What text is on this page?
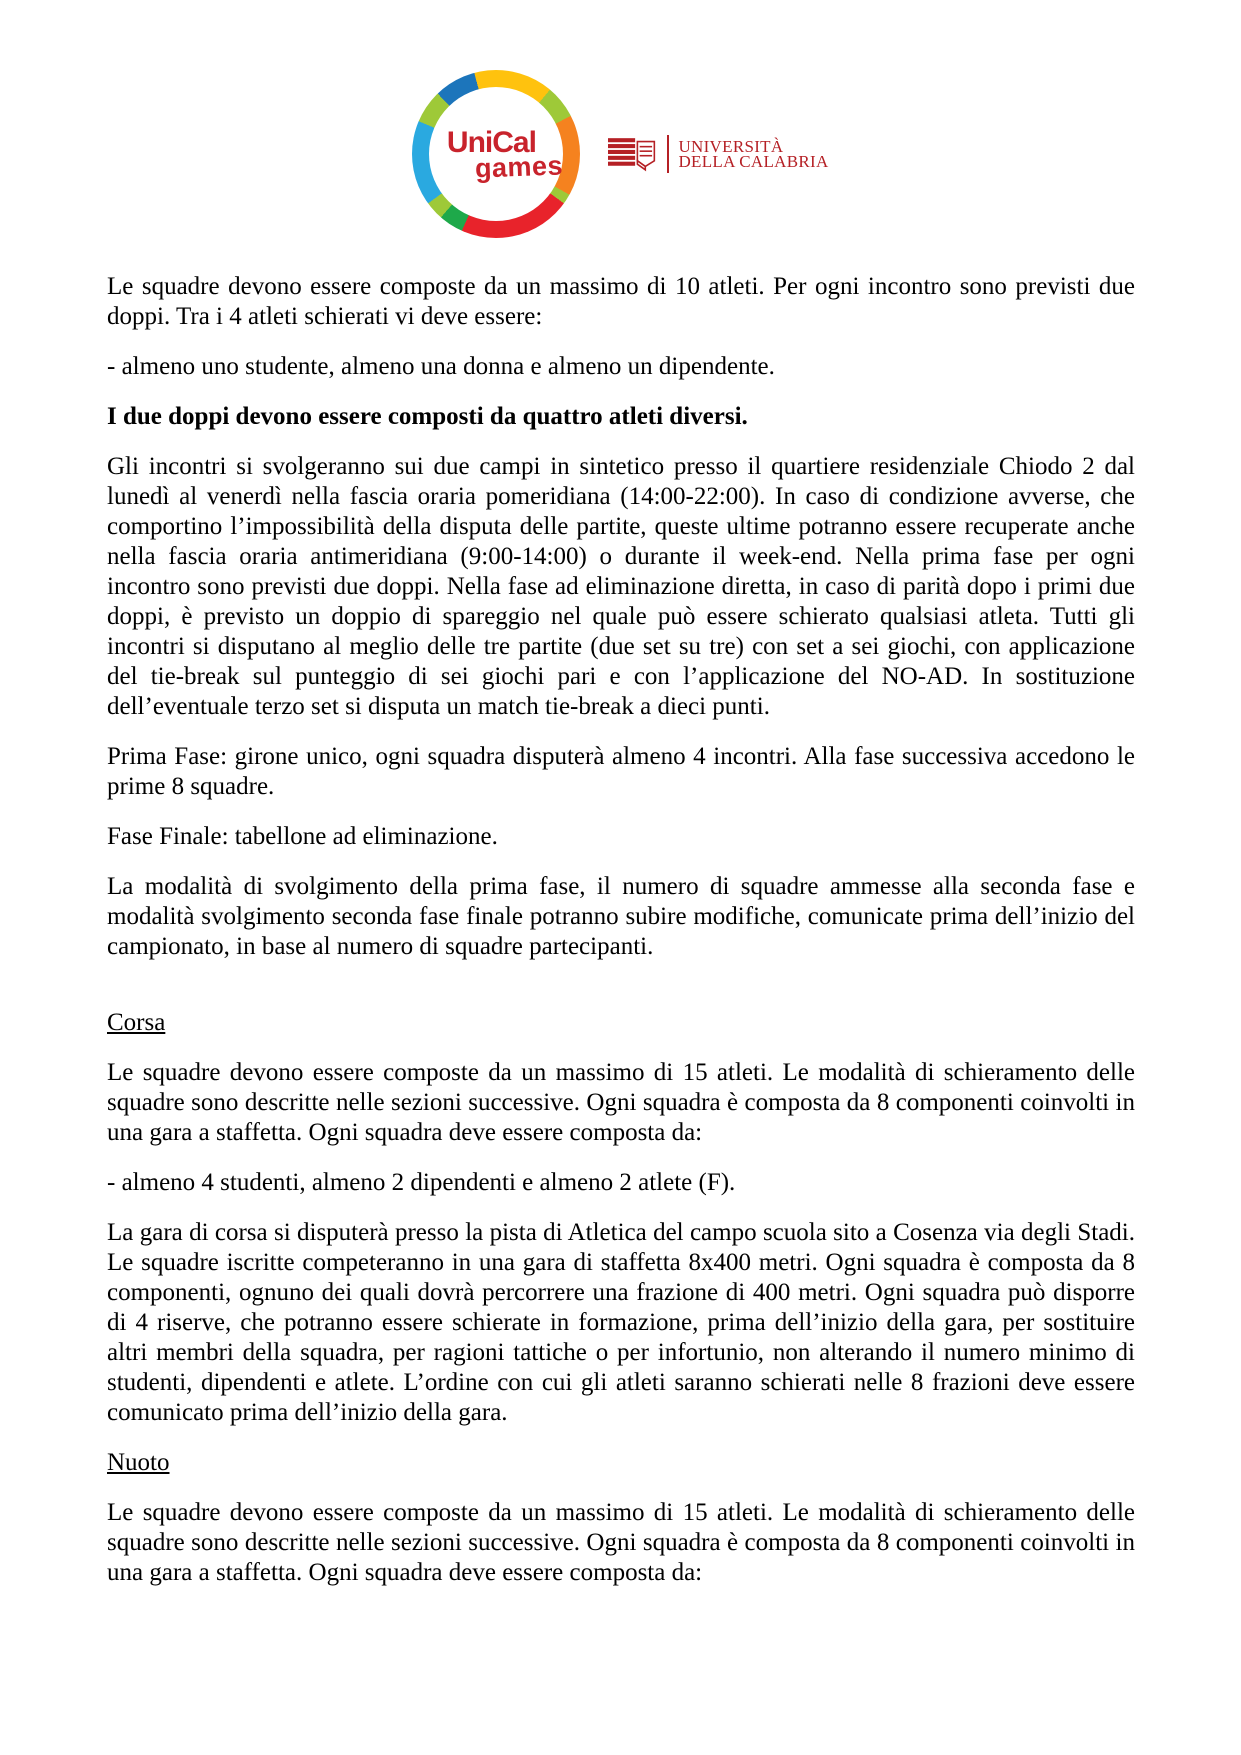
UniCal
games
UNIVERSITÀ
DELLA CALABRIA

Le squadre devono essere composte da un massimo di 10 atleti. Per ogni incontro sono previsti due doppi. Tra i 4 atleti schierati vi deve essere:

- almeno uno studente, almeno una donna e almeno un dipendente.

I due doppi devono essere composti da quattro atleti diversi.

Gli incontri si svolgeranno sui due campi in sintetico presso il quartiere residenziale Chiodo 2 dal lunedì al venerdì nella fascia oraria pomeridiana (14:00-22:00). In caso di condizione avverse, che comportino l’impossibilità della disputa delle partite, queste ultime potranno essere recuperate anche nella fascia oraria antimeridiana (9:00-14:00) o durante il week-end. Nella prima fase per ogni incontro sono previsti due doppi. Nella fase ad eliminazione diretta, in caso di parità dopo i primi due doppi, è previsto un doppio di spareggio nel quale può essere schierato qualsiasi atleta. Tutti gli incontri si disputano al meglio delle tre partite (due set su tre) con set a sei giochi, con applicazione del tie-break sul punteggio di sei giochi pari e con l’applicazione del NO-AD. In sostituzione dell’eventuale terzo set si disputa un match tie-break a dieci punti.

Prima Fase: girone unico, ogni squadra disputerà almeno 4 incontri. Alla fase successiva accedono le prime 8 squadre.

Fase Finale: tabellone ad eliminazione.

La modalità di svolgimento della prima fase, il numero di squadre ammesse alla seconda fase e modalità svolgimento seconda fase finale potranno subire modifiche, comunicate prima dell’inizio del campionato, in base al numero di squadre partecipanti.

Corsa

Le squadre devono essere composte da un massimo di 15 atleti. Le modalità di schieramento delle squadre sono descritte nelle sezioni successive. Ogni squadra è composta da 8 componenti coinvolti in una gara a staffetta. Ogni squadra deve essere composta da:

- almeno 4 studenti, almeno 2 dipendenti e almeno 2 atlete (F).

La gara di corsa si disputerà presso la pista di Atletica del campo scuola sito a Cosenza via degli Stadi. Le squadre iscritte competeranno in una gara di staffetta 8x400 metri. Ogni squadra è composta da 8 componenti, ognuno dei quali dovrà percorrere una frazione di 400 metri. Ogni squadra può disporre di 4 riserve, che potranno essere schierate in formazione, prima dell’inizio della gara, per sostituire altri membri della squadra, per ragioni tattiche o per infortunio, non alterando il numero minimo di studenti, dipendenti e atlete. L’ordine con cui gli atleti saranno schierati nelle 8 frazioni deve essere comunicato prima dell’inizio della gara.

Nuoto

Le squadre devono essere composte da un massimo di 15 atleti. Le modalità di schieramento delle squadre sono descritte nelle sezioni successive. Ogni squadra è composta da 8 componenti coinvolti in una gara a staffetta. Ogni squadra deve essere composta da:
